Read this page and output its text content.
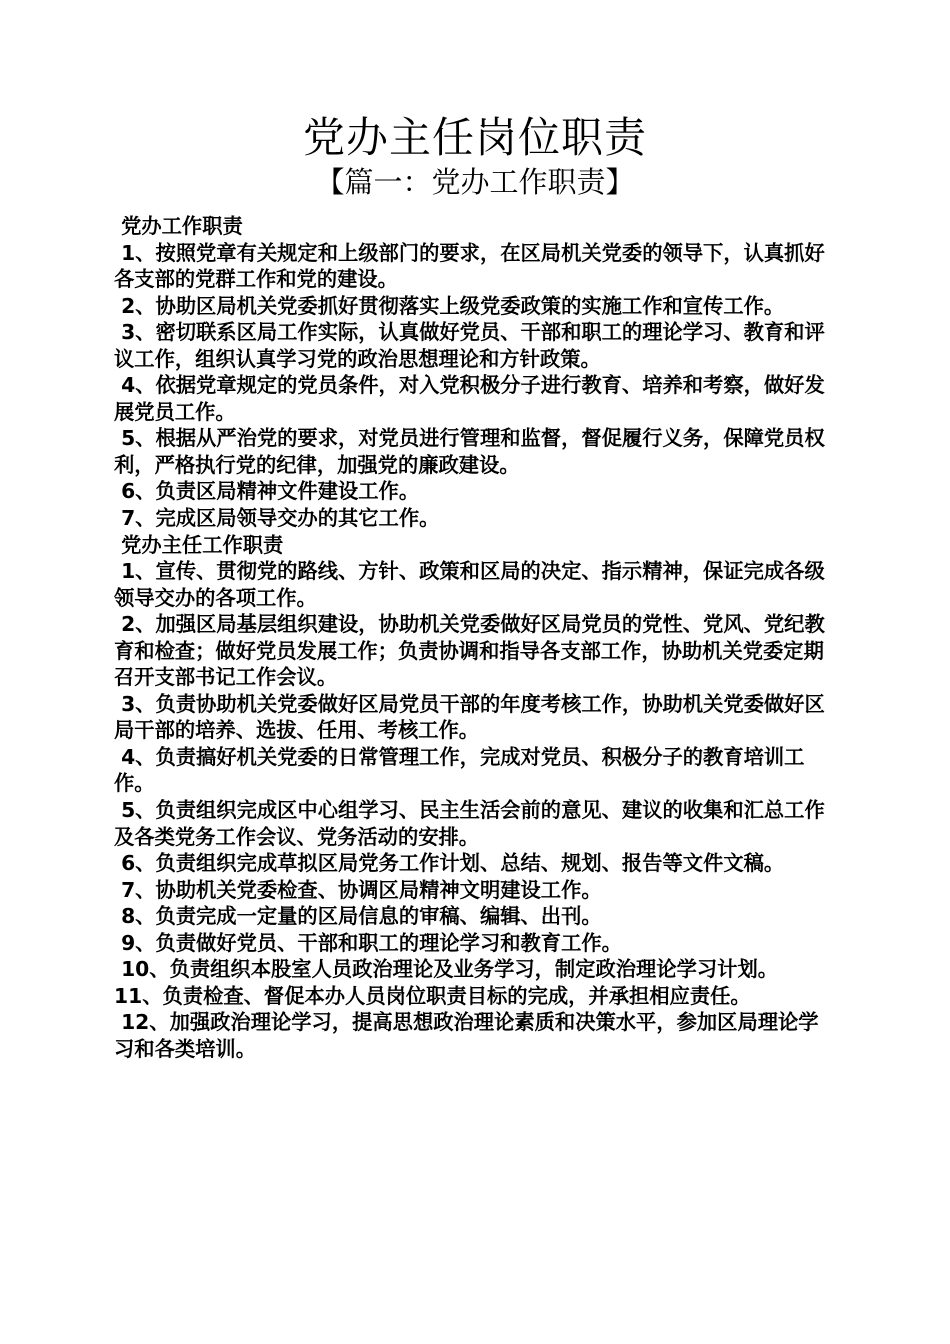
党办主任岗位职责
【篇一：党办工作职责】

党办工作职责

1、按照党章有关规定和上级部门的要求，在区局机关党委的领导下，认真抓好各支部的党群工作和党的建设。

2、协助区局机关党委抓好贯彻落实上级党委政策的实施工作和宣传工作。

3、密切联系区局工作实际，认真做好党员、干部和职工的理论学习、教育和评议工作，组织认真学习党的政治思想理论和方针政策。

4、依据党章规定的党员条件，对入党积极分子进行教育、培养和考察，做好发展党员工作。

5、根据从严治党的要求，对党员进行管理和监督，督促履行义务，保障党员权利，严格执行党的纪律，加强党的廉政建设。

6、负责区局精神文件建设工作。

7、完成区局领导交办的其它工作。

党办主任工作职责

1、宣传、贯彻党的路线、方针、政策和区局的决定、指示精神，保证完成各级领导交办的各项工作。

2、加强区局基层组织建设，协助机关党委做好区局党员的党性、党风、党纪教育和检查；做好党员发展工作；负责协调和指导各支部工作，协助机关党委定期召开支部书记工作会议。

3、负责协助机关党委做好区局党员干部的年度考核工作，协助机关党委做好区局干部的培养、选拔、任用、考核工作。

4、负责搞好机关党委的日常管理工作，完成对党员、积极分子的教育培训工作。

5、负责组织完成区中心组学习、民主生活会前的意见、建议的收集和汇总工作及各类党务工作会议、党务活动的安排。

6、负责组织完成草拟区局党务工作计划、总结、规划、报告等文件文稿。

7、协助机关党委检查、协调区局精神文明建设工作。

8、负责完成一定量的区局信息的审稿、编辑、出刊。

9、负责做好党员、干部和职工的理论学习和教育工作。

10、负责组织本股室人员政治理论及业务学习，制定政治理论学习计划。

11、负责检查、督促本办人员岗位职责目标的完成，并承担相应责任。

12、加强政治理论学习，提高思想政治理论素质和决策水平，参加区局理论学习和各类培训。
